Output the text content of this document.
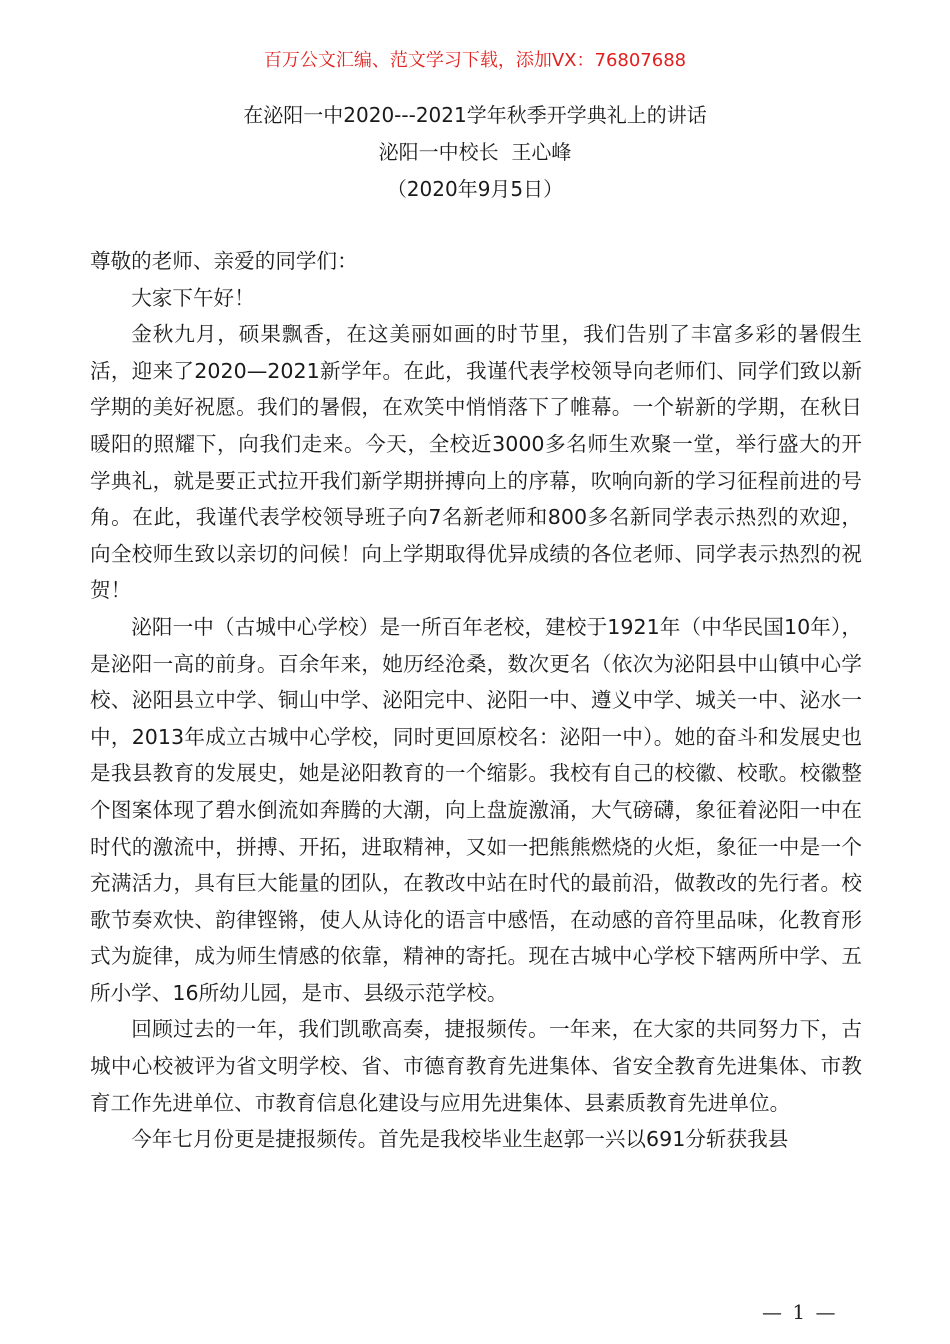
百万公文汇编、范文学习下载，添加VX：76807688
在泌阳一中2020---2021学年秋季开学典礼上的讲话
泌阳一中校长  王心峰
（2020年9月5日）

尊敬的老师、亲爱的同学们：

大家下午好！

金秋九月，硕果飘香，在这美丽如画的时节里，我们告别了丰富多彩的暑假生活，迎来了2020—2021新学年。在此，我谨代表学校领导向老师们、同学们致以新学期的美好祝愿。我们的暑假，在欢笑中悄悄落下了帷幕。一个崭新的学期，在秋日暖阳的照耀下，向我们走来。今天，全校近3000多名师生欢聚一堂，举行盛大的开学典礼，就是要正式拉开我们新学期拼搏向上的序幕，吹响向新的学习征程前进的号角。在此，我谨代表学校领导班子向7名新老师和800多名新同学表示热烈的欢迎，向全校师生致以亲切的问候！向上学期取得优异成绩的各位老师、同学表示热烈的祝贺！

泌阳一中（古城中心学校）是一所百年老校，建校于1921年（中华民国10年），是泌阳一高的前身。百余年来，她历经沧桑，数次更名（依次为泌阳县中山镇中心学校、泌阳县立中学、铜山中学、泌阳完中、泌阳一中、遵义中学、城关一中、泌水一中，2013年成立古城中心学校，同时更回原校名：泌阳一中）。她的奋斗和发展史也是我县教育的发展史，她是泌阳教育的一个缩影。我校有自己的校徽、校歌。校徽整个图案体现了碧水倒流如奔腾的大潮，向上盘旋激涌，大气磅礴，象征着泌阳一中在时代的激流中，拼搏、开拓，进取精神，又如一把熊熊燃烧的火炬，象征一中是一个充满活力，具有巨大能量的团队，在教改中站在时代的最前沿，做教改的先行者。校歌节奏欢快、韵律铿锵，使人从诗化的语言中感悟，在动感的音符里品味，化教育形式为旋律，成为师生情感的依靠，精神的寄托。现在古城中心学校下辖两所中学、五所小学、16所幼儿园，是市、县级示范学校。

回顾过去的一年，我们凯歌高奏，捷报频传。一年来，在大家的共同努力下，古城中心校被评为省文明学校、省、市德育教育先进集体、省安全教育先进集体、市教育工作先进单位、市教育信息化建设与应用先进集体、县素质教育先进单位。

今年七月份更是捷报频传。首先是我校毕业生赵郭一兴以691分斩获我县

— 1 —
